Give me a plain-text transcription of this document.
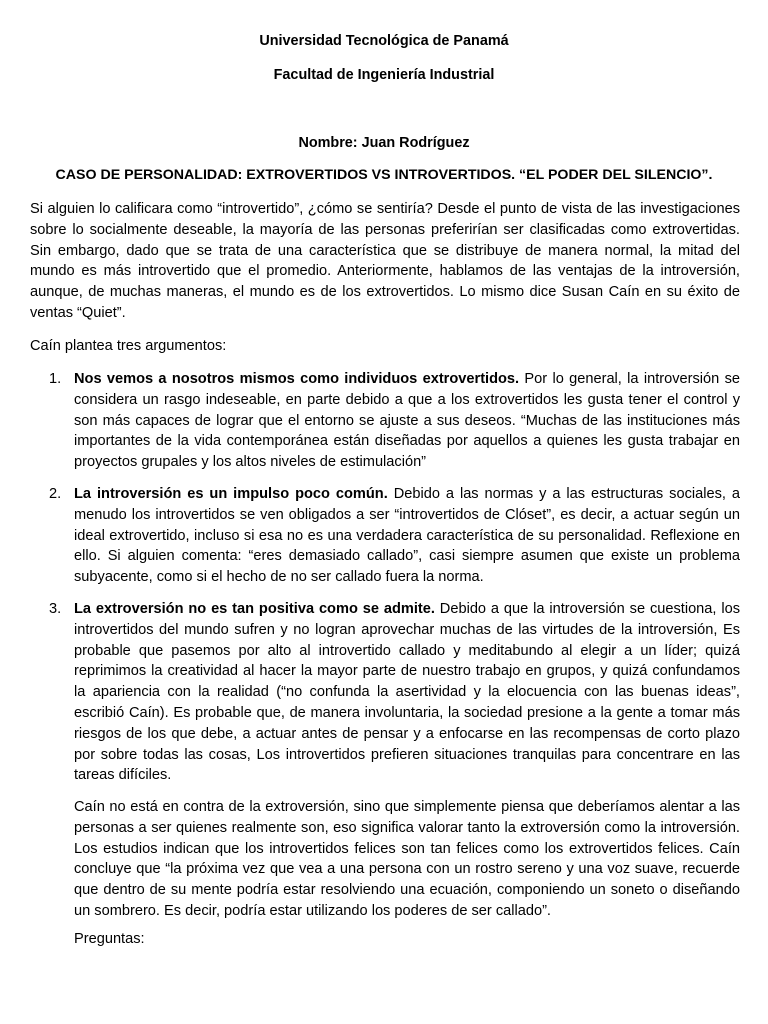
Universidad Tecnológica de Panamá

Facultad de Ingeniería Industrial

Nombre: Juan Rodríguez

CASO DE PERSONALIDAD: EXTROVERTIDOS VS INTROVERTIDOS. “EL PODER DEL SILENCIO”.

Si alguien lo calificara como “introvertido”, ¿cómo se sentiría? Desde el punto de vista de las investigaciones sobre lo socialmente deseable, la mayoría de las personas preferirían ser clasificadas como extrovertidas. Sin embargo, dado que se trata de una característica que se distribuye de manera normal, la mitad del mundo es más introvertido que el promedio. Anteriormente, hablamos de las ventajas de la introversión, aunque, de muchas maneras, el mundo es de los extrovertidos. Lo mismo dice Susan Caín en su éxito de ventas “Quiet”.

Caín plantea tres argumentos:

1. Nos vemos a nosotros mismos como individuos extrovertidos. Por lo general, la introversión se considera un rasgo indeseable, en parte debido a que a los extrovertidos les gusta tener el control y son más capaces de lograr que el entorno se ajuste a sus deseos. “Muchas de las instituciones más importantes de la vida contemporánea están diseñadas por aquellos a quienes les gusta trabajar en proyectos grupales y los altos niveles de estimulación”
2. La introversión es un impulso poco común. Debido a las normas y a las estructuras sociales, a menudo los introvertidos se ven obligados a ser “introvertidos de Clóset”, es decir, a actuar según un ideal extrovertido, incluso si esa no es una verdadera característica de su personalidad. Reflexione en ello. Si alguien comenta: “eres demasiado callado”, casi siempre asumen que existe un problema subyacente, como si el hecho de no ser callado fuera la norma.
3. La extroversión no es tan positiva como se admite. Debido a que la introversión se cuestiona, los introvertidos del mundo sufren y no logran aprovechar muchas de las virtudes de la introversión, Es probable que pasemos por alto al introvertido callado y meditabundo al elegir a un líder; quizá reprimimos la creatividad al hacer la mayor parte de nuestro trabajo en grupos, y quizá confundamos la apariencia con la realidad (“no confunda la asertividad y la elocuencia con las buenas ideas”, escribió Caín). Es probable que, de manera involuntaria, la sociedad presione a la gente a tomar más riesgos de los que debe, a actuar antes de pensar y a enfocarse en las recompensas de corto plazo por sobre todas las cosas, Los introvertidos prefieren situaciones tranquilas para concentrare en las tareas difíciles.

Caín no está en contra de la extroversión, sino que simplemente piensa que deberíamos alentar a las personas a ser quienes realmente son, eso significa valorar tanto la extroversión como la introversión. Los estudios indican que los introvertidos felices son tan felices como los extrovertidos felices. Caín concluye que “la próxima vez que vea a una persona con un rostro sereno y una voz suave, recuerde que dentro de su mente podría estar resolviendo una ecuación, componiendo un soneto o diseñando un sombrero. Es decir, podría estar utilizando los poderes de ser callado”.

Preguntas:
